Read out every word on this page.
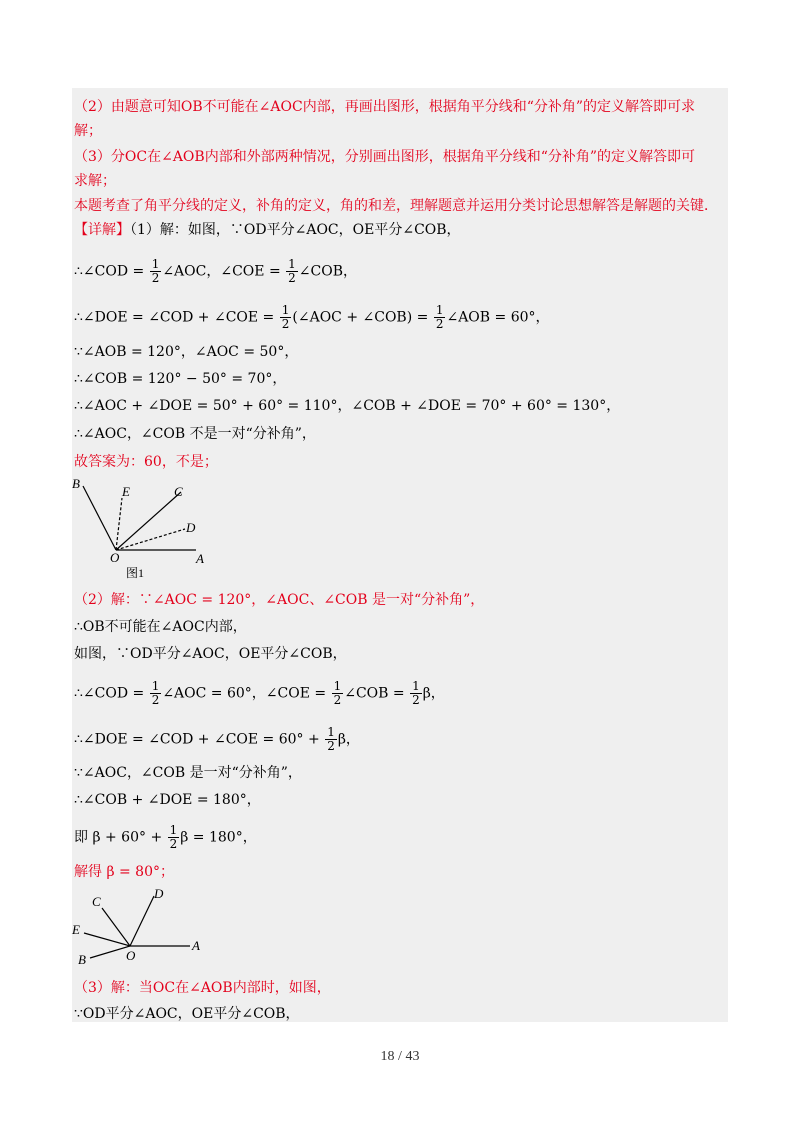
（2）由题意可知OB不可能在∠AOC内部，再画出图形，根据角平分线和“分补角”的定义解答即可求
解；
（3）分OC在∠AOB内部和外部两种情况，分别画出图形，根据角平分线和“分补角”的定义解答即可
求解；
本题考查了角平分线的定义，补角的定义，角的和差，理解题意并运用分类讨论思想解答是解题的关键．
【详解】（1）解：如图，∵OD平分∠AOC，OE平分∠COB，
∴∠COD = $\frac{1}{2}$ ∠AOC，∠COE = $\frac{1}{2}$ ∠COB，
∴∠DOE = ∠COD + ∠COE = $\frac{1}{2}$ (∠AOC + ∠COB) = $\frac{1}{2}$ ∠AOB = 60°，
∵∠AOB = 120°，∠AOC = 50°，
∴∠COB = 120° − 50° = 70°，
∴∠AOC + ∠DOE = 50° + 60° = 110°，∠COB + ∠DOE = 70° + 60° = 130°，
∴∠AOC，∠COB 不是一对“分补角”，
故答案为：60，不是；
B
E	C
D
O	A
图1
（2）解：∵∠AOC = 120°，∠AOC、∠COB 是一对“分补角”，
∴OB不可能在∠AOC内部，
如图，∵OD平分∠AOC，OE平分∠COB，
∴∠COD = $\frac{1}{2}$ ∠AOC = 60°，∠COE = $\frac{1}{2}$ ∠COB = $\frac{1}{2}$ β，
∴∠DOE = ∠COD + ∠COE = $60^\circ + \frac{1}{2}$ β，
∵∠AOC，∠COB 是一对“分补角”，
∴∠COB + ∠DOE = 180°，
即 $\beta + 60^\circ + \frac{1}{2}$ β = 180°，
解得 β = 80°；
C
D
E
O
A
B
（3）解：当OC在∠AOB内部时，如图，
∵OD平分∠AOC，OE平分∠COB，
18 / 43
